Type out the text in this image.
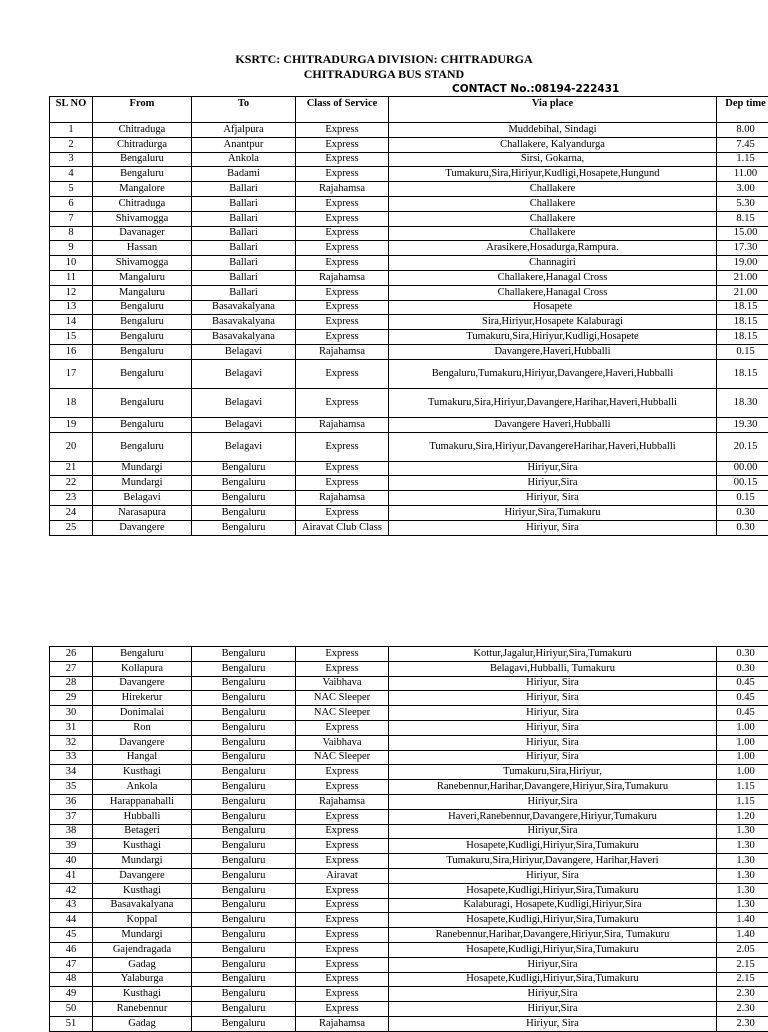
KSRTC: CHITRADURGA DIVISION: CHITRADURGA
CHITRADURGA BUS STAND
CONTACT No.:08194-222431
SL NO	From	To	Class of Service	Via place	Dep time
1	Chitraduga	Afjalpura	Express	Muddebihal, Sindagi	8.00
2	Chitradurga	Anantpur	Express	Challakere, Kalyandurga	7.45
3	Bengaluru	Ankola	Express	Sirsi, Gokarna,	1.15
4	Bengaluru	Badami	Express	Tumakuru,Sira,Hiriyur,Kudligi,Hosapete,Hungund	11.00
5	Mangalore	Ballari	Rajahamsa	Challakere	3.00
6	Chitraduga	Ballari	Express	Challakere	5.30
7	Shivamogga	Ballari	Express	Challakere	8.15
8	Davanager	Ballari	Express	Challakere	15.00
9	Hassan	Ballari	Express	Arasikere,Hosadurga,Rampura.	17.30
10	Shivamogga	Ballari	Express	Channagiri	19.00
11	Mangaluru	Ballari	Rajahamsa	Challakere,Hanagal Cross	21.00
12	Mangaluru	Ballari	Express	Challakere,Hanagal Cross	21.00
13	Bengaluru	Basavakalyana	Express	Hosapete	18.15
14	Bengaluru	Basavakalyana	Express	Sira,Hiriyur,Hosapete Kalaburagi	18.15
15	Bengaluru	Basavakalyana	Express	Tumakuru,Sira,Hiriyur,Kudligi,Hosapete	18.15
16	Bengaluru	Belagavi	Rajahamsa	Davangere,Haveri,Hubballi	0.15
17	Bengaluru	Belagavi	Express	Bengaluru,Tumakuru,Hiriyur,Davangere,Haveri,Hubballi	18.15
18	Bengaluru	Belagavi	Express	Tumakuru,Sira,Hiriyur,Davangere,Harihar,Haveri,Hubballi	18.30
19	Bengaluru	Belagavi	Rajahamsa	Davangere Haveri,Hubballi	19.30
20	Bengaluru	Belagavi	Express	Tumakuru,Sira,Hiriyur,DavangereHarihar,Haveri,Hubballi	20.15
21	Mundargi	Bengaluru	Express	Hiriyur,Sira	00.00
22	Mundargi	Bengaluru	Express	Hiriyur,Sira	00.15
23	Belagavi	Bengaluru	Rajahamsa	Hiriyur, Sira	0.15
24	Narasapura	Bengaluru	Express	Hiriyur,Sira,Tumakuru	0.30
25	Davangere	Bengaluru	Airavat Club Class	Hiriyur, Sira	0.30
26	Bengaluru	Bengaluru	Express	Kottur,Jagalur,Hiriyur,Sira,Tumakuru	0.30
27	Kollapura	Bengaluru	Express	Belagavi,Hubballi, Tumakuru	0.30
28	Davangere	Bengaluru	Vaibhava	Hiriyur, Sira	0.45
29	Hirekerur	Bengaluru	NAC Sleeper	Hiriyur, Sira	0.45
30	Donimalai	Bengaluru	NAC Sleeper	Hiriyur, Sira	0.45
31	Ron	Bengaluru	Express	Hiriyur, Sira	1.00
32	Davangere	Bengaluru	Vaibhava	Hiriyur, Sira	1.00
33	Hangal	Bengaluru	NAC Sleeper	Hiriyur, Sira	1.00
34	Kusthagi	Bengaluru	Express	Tumakuru,Sira,Hiriyur,	1.00
35	Ankola	Bengaluru	Express	Ranebennur,Harihar,Davangere,Hiriyur,Sira,Tumakuru	1.15
36	Harappanahalli	Bengaluru	Rajahamsa	Hiriyur,Sira	1.15
37	Hubballi	Bengaluru	Express	Haveri,Ranebennur,Davangere,Hiriyur,Tumakuru	1.20
38	Betageri	Bengaluru	Express	Hiriyur,Sira	1.30
39	Kusthagi	Bengaluru	Express	Hosapete,Kudligi,Hiriyur,Sira,Tumakuru	1.30
40	Mundargi	Bengaluru	Express	Tumakuru,Sira,Hiriyur,Davangere, Harihar,Haveri	1.30
41	Davangere	Bengaluru	Airavat	Hiriyur, Sira	1.30
42	Kusthagi	Bengaluru	Express	Hosapete,Kudligi,Hiriyur,Sira,Tumakuru	1.30
43	Basavakalyana	Bengaluru	Express	Kalaburagi, Hosapete,Kudligi,Hiriyur,Sira	1.30
44	Koppal	Bengaluru	Express	Hosapete,Kudligi,Hiriyur,Sira,Tumakuru	1.40
45	Mundargi	Bengaluru	Express	Ranebennur,Harihar,Davangere,Hiriyur,Sira, Tumakuru	1.40
46	Gajendragada	Bengaluru	Express	Hosapete,Kudligi,Hiriyur,Sira,Tumakuru	2.05
47	Gadag	Bengaluru	Express	Hiriyur,Sira	2.15
48	Yalaburga	Bengaluru	Express	Hosapete,Kudligi,Hiriyur,Sira,Tumakuru	2.15
49	Kusthagi	Bengaluru	Express	Hiriyur,Sira	2.30
50	Ranebennur	Bengaluru	Express	Hiriyur,Sira	2.30
51	Gadag	Bengaluru	Rajahamsa	Hiriyur, Sira	2.30
